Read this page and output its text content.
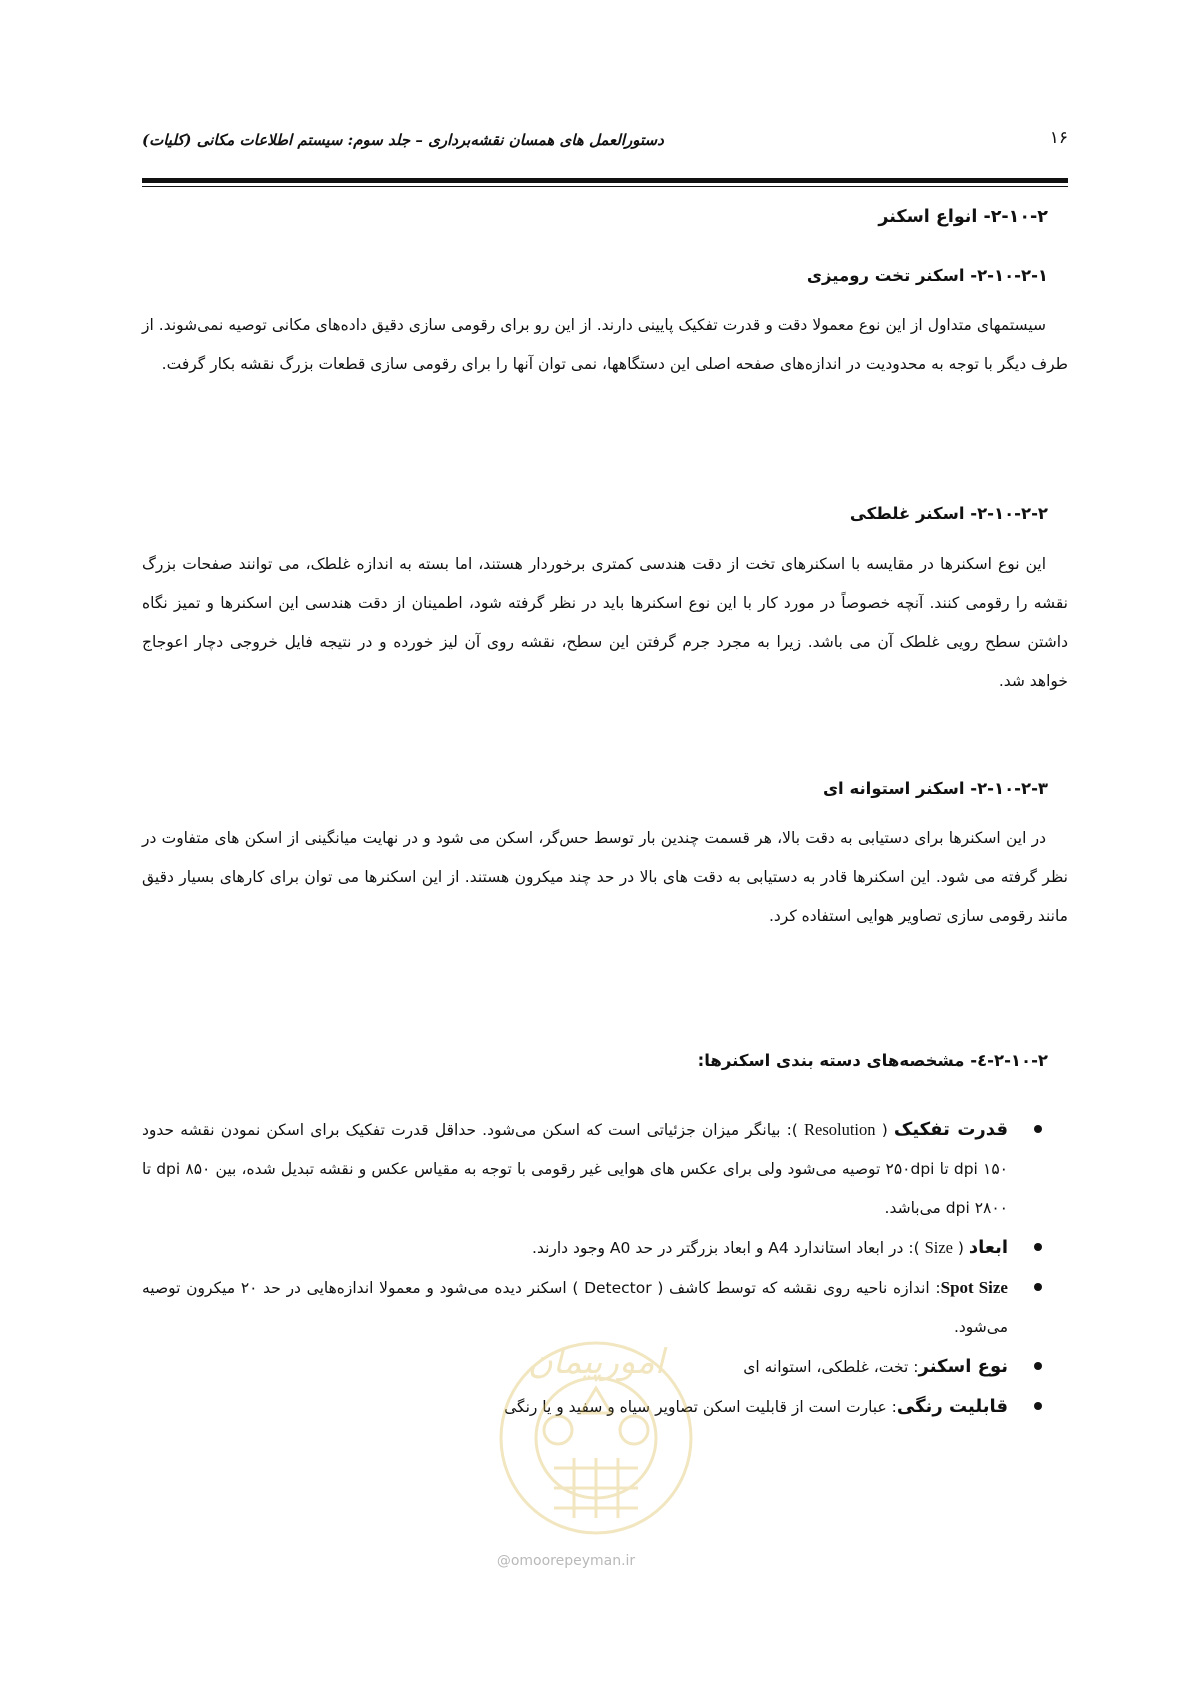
دستورالعمل های همسان نقشه‌برداری – جلد سوم: سیستم اطلاعات مکانی (کلیات)	۱۶
۲-۱۰-۲- انواع اسکنر
۲-۱۰-۲-۱- اسکنر تخت رومیزی

سیستمهای متداول از این نوع معمولا دقت و قدرت تفکیک پایینی دارند. از این رو برای رقومی سازی دقیق داده‌های مکانی توصیه نمی‌شوند. از طرف دیگر با توجه به محدودیت در اندازه‌های صفحه اصلی این دستگاهها، نمی توان آنها را برای رقومی سازی قطعات بزرگ نقشه بکار گرفت.

۲-۱۰-۲-۲- اسکنر غلطکی

این نوع اسکنرها در مقایسه با اسکنرهای تخت از دقت هندسی کمتری برخوردار هستند، اما بسته به اندازه غلطک، می توانند صفحات بزرگ نقشه را رقومی کنند. آنچه خصوصاً در مورد کار با این نوع اسکنرها باید در نظر گرفته شود، اطمینان از دقت هندسی این اسکنرها و تمیز نگاه داشتن سطح رویی غلطک آن می باشد. زیرا به مجرد جرم گرفتن این سطح، نقشه روی آن لیز خورده و در نتیجه فایل خروجی دچار اعوجاج خواهد شد.

۲-۱۰-۲-۳- اسکنر استوانه ای

در این اسکنرها برای دستیابی به دقت بالا، هر قسمت چندین بار توسط حس‌گر، اسکن می شود و در نهایت میانگینی از اسکن های متفاوت در نظر گرفته می شود. این اسکنرها قادر به دستیابی به دقت های بالا در حد چند میکرون هستند. از این اسکنرها می توان برای کارهای بسیار دقیق مانند رقومی سازی تصاویر هوایی استفاده کرد.

۲-۱۰-۲-٤- مشخصه‌های دسته بندی اسکنرها:
قدرت تفکیک ( Resolution ): بیانگر میزان جزئیاتی است که اسکن می‌شود. حداقل قدرت تفکیک برای اسکن نمودن نقشه حدود ۱۵۰ dpi تا ۲۵۰dpi توصیه می‌شود ولی برای عکس های هوایی غیر رقومی با توجه به مقیاس عکس و نقشه تبدیل شده، بین ۸۵۰ dpi تا ۲۸۰۰ dpi می‌باشد.
ابعاد ( Size ): در ابعاد استاندارد A4 و ابعاد بزرگتر در حد A0 وجود دارند.
Spot Size: اندازه ناحیه روی نقشه که توسط کاشف ( Detector ) اسکنر دیده می‌شود و معمولا اندازه‌هایی در حد ۲۰ میکرون توصیه می‌شود.
نوع اسکنر: تخت، غلطکی، استوانه ای
قابلیت رنگی: عبارت است از قابلیت اسکن تصاویر سیاه و سفید و یا رنگی
امورپیمان
@omoorepeyman.ir
